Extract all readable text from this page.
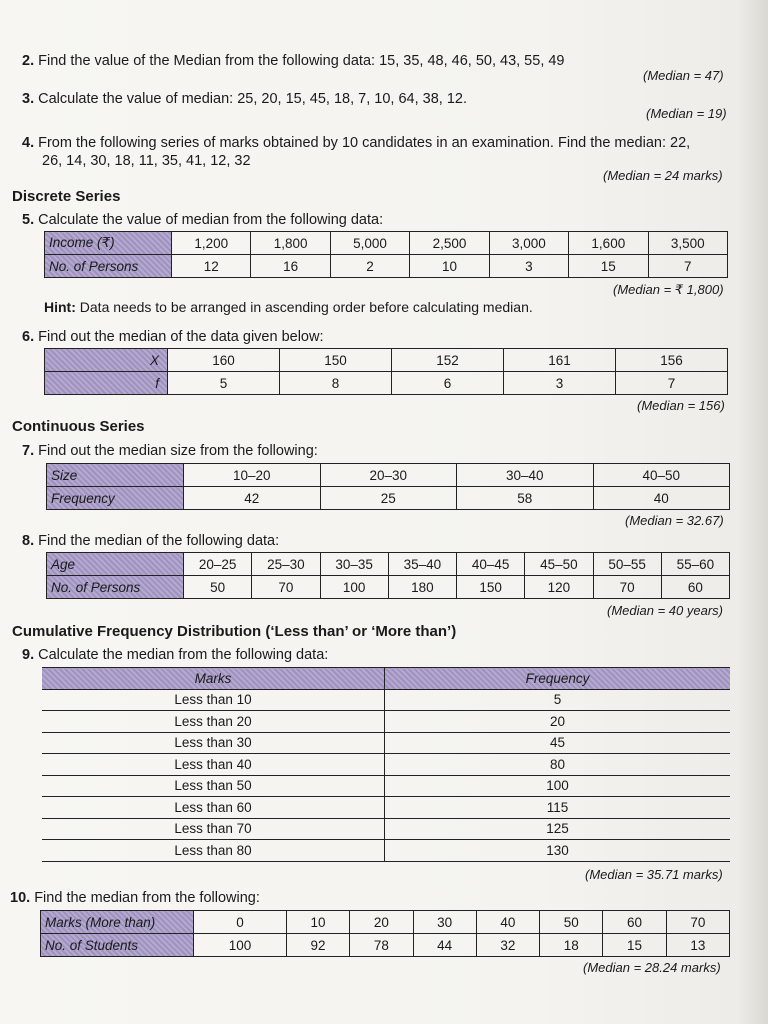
2. Find the value of the Median from the following data: 15, 35, 48, 46, 50, 43, 55, 49
(Median = 47)
3. Calculate the value of median: 25, 20, 15, 45, 18, 7, 10, 64, 38, 12.
(Median = 19)
4. From the following series of marks obtained by 10 candidates in an examination. Find the median: 22,
26, 14, 30, 18, 11, 35, 41, 12, 32
(Median = 24 marks)
Discrete Series
5. Calculate the value of median from the following data:
Income (₹)	1,200	1,800	5,000	2,500	3,000	1,600	3,500
No. of Persons	12	16	2	10	3	15	7
(Median = ₹ 1,800)
Hint: Data needs to be arranged in ascending order before calculating median.
6. Find out the median of the data given below:
X	160	150	152	161	156
f	5	8	6	3	7
(Median = 156)
Continuous Series
7. Find out the median size from the following:
Size	10–20	20–30	30–40	40–50
Frequency	42	25	58	40
(Median = 32.67)
8. Find the median of the following data:
Age	20–25	25–30	30–35	35–40	40–45	45–50	50–55	55–60
No. of Persons	50	70	100	180	150	120	70	60
(Median = 40 years)
Cumulative Frequency Distribution (‘Less than’ or ‘More than’)
9. Calculate the median from the following data:
Marks	Frequency
Less than 10	5
Less than 20	20
Less than 30	45
Less than 40	80
Less than 50	100
Less than 60	115
Less than 70	125
Less than 80	130
(Median = 35.71 marks)
10. Find the median from the following:
Marks (More than)	0	10	20	30	40	50	60	70
No. of Students	100	92	78	44	32	18	15	13
(Median = 28.24 marks)
